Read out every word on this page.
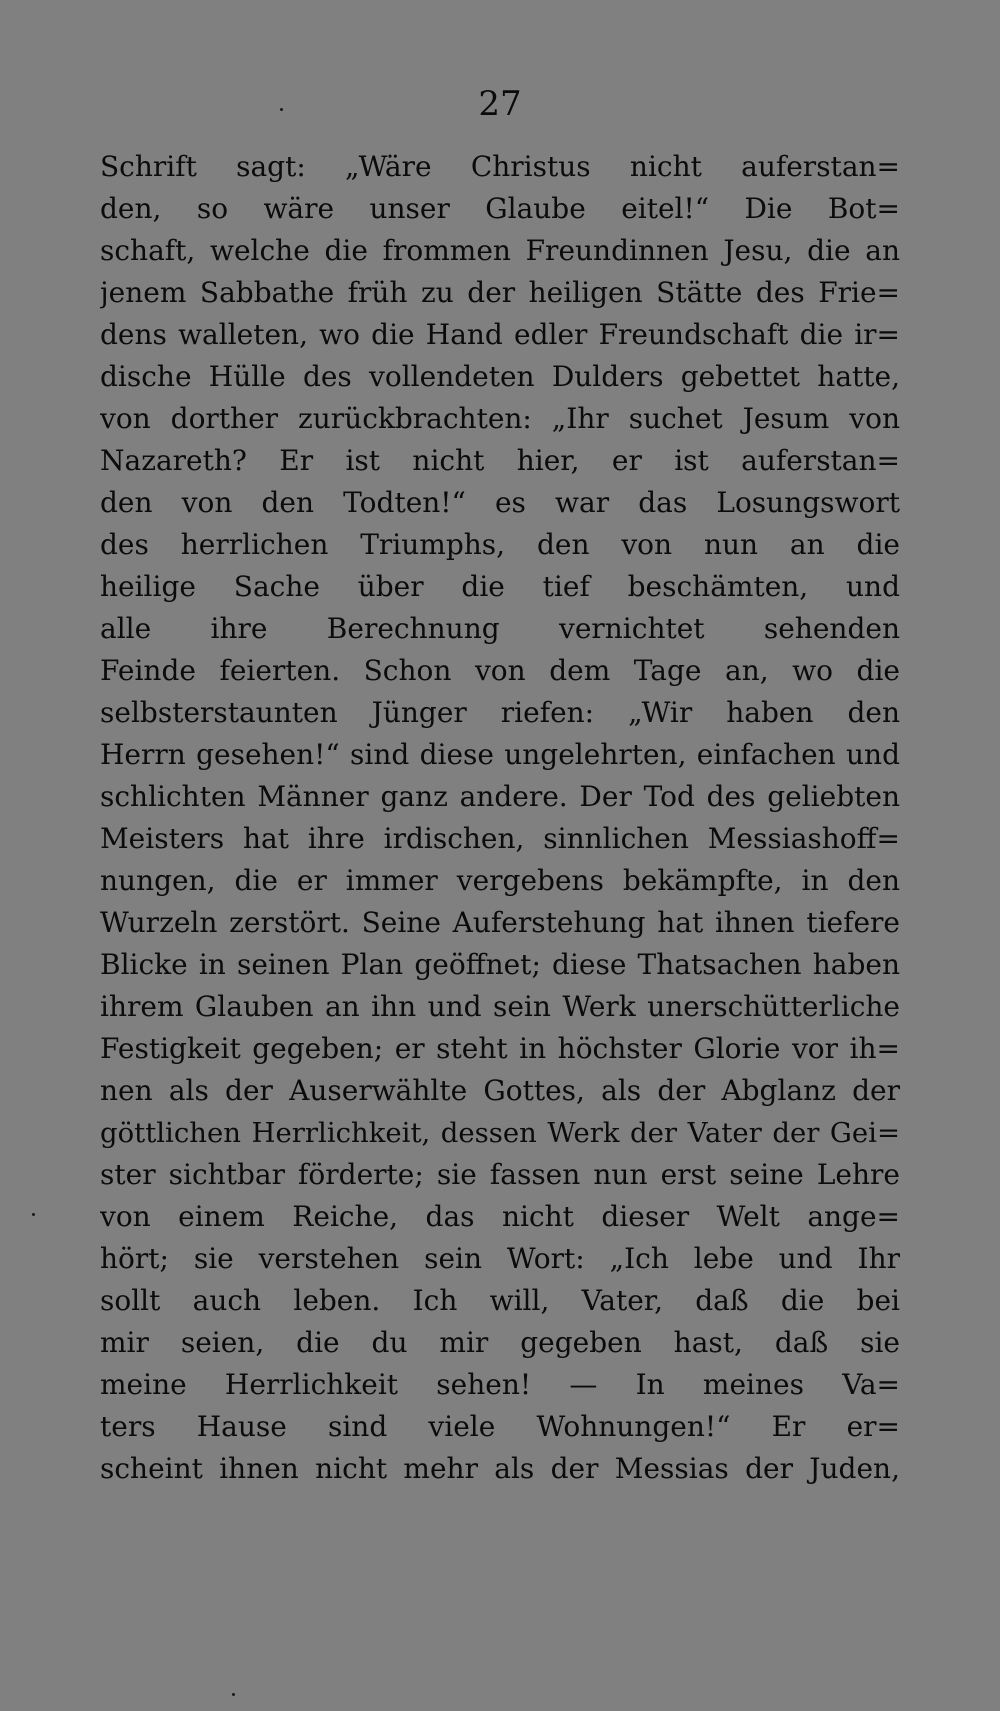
27
Schrift sagt: „Wäre Christus nicht auferstan=
den, so wäre unser Glaube eitel!“ Die Bot=
schaft, welche die frommen Freundinnen Jesu, die an
jenem Sabbathe früh zu der heiligen Stätte des Frie=
dens walleten, wo die Hand edler Freundschaft die ir=
dische Hülle des vollendeten Dulders gebettet hatte,
von dorther zurückbrachten: „Ihr suchet Jesum von
Nazareth? Er ist nicht hier, er ist auferstan=
den von den Todten!“ es war das Losungswort
des herrlichen Triumphs, den von nun an die
heilige Sache über die tief beschämten, und
alle ihre Berechnung vernichtet sehenden
Feinde feierten. Schon von dem Tage an, wo die
selbsterstaunten Jünger riefen: „Wir haben den
Herrn gesehen!“ sind diese ungelehrten, einfachen und
schlichten Männer ganz andere. Der Tod des geliebten
Meisters hat ihre irdischen, sinnlichen Messiashoff=
nungen, die er immer vergebens bekämpfte, in den
Wurzeln zerstört. Seine Auferstehung hat ihnen tiefere
Blicke in seinen Plan geöffnet; diese Thatsachen haben
ihrem Glauben an ihn und sein Werk unerschütterliche
Festigkeit gegeben; er steht in höchster Glorie vor ih=
nen als der Auserwählte Gottes, als der Abglanz der
göttlichen Herrlichkeit, dessen Werk der Vater der Gei=
ster sichtbar förderte; sie fassen nun erst seine Lehre
von einem Reiche, das nicht dieser Welt ange=
hört; sie verstehen sein Wort: „Ich lebe und Ihr
sollt auch leben. Ich will, Vater, daß die bei
mir seien, die du mir gegeben hast, daß sie
meine Herrlichkeit sehen! — In meines Va=
ters Hause sind viele Wohnungen!“ Er er=
scheint ihnen nicht mehr als der Messias der Juden,
